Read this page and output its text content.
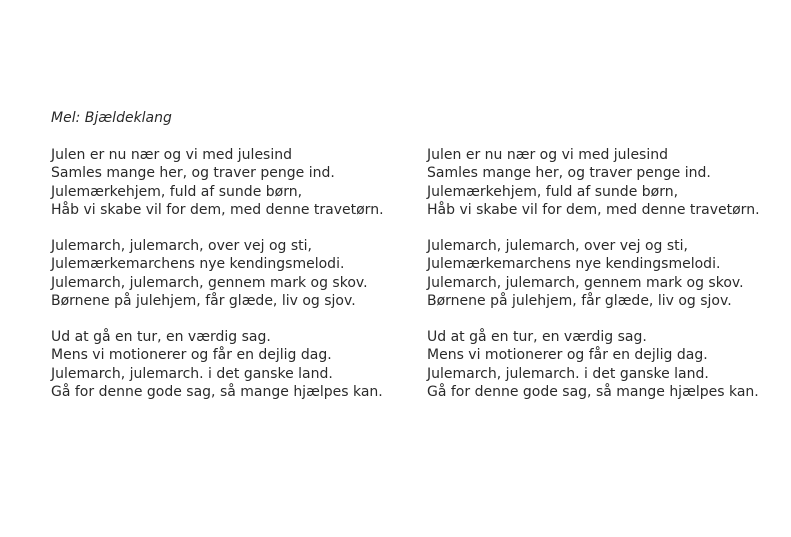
Mel: Bjældeklang

Julen er nu nær og vi med julesind
Samles mange her, og traver penge ind.
Julemærkehjem, fuld af sunde børn,
Håb vi skabe vil for dem, med denne travetørn.
Julemarch, julemarch, over vej og sti,
Julemærkemarchens nye kendingsmelodi.
Julemarch, julemarch, gennem mark og skov.
Børnene på julehjem, får glæde, liv og sjov.
Ud at gå en tur, en værdig sag.
Mens vi motionerer og får en dejlig dag.
Julemarch, julemarch. i det ganske land.
Gå for denne gode sag, så mange hjælpes kan.
Julen er nu nær og vi med julesind
Samles mange her, og traver penge ind.
Julemærkehjem, fuld af sunde børn,
Håb vi skabe vil for dem, med denne travetørn.
Julemarch, julemarch, over vej og sti,
Julemærkemarchens nye kendingsmelodi.
Julemarch, julemarch, gennem mark og skov.
Børnene på julehjem, får glæde, liv og sjov.
Ud at gå en tur, en værdig sag.
Mens vi motionerer og får en dejlig dag.
Julemarch, julemarch. i det ganske land.
Gå for denne gode sag, så mange hjælpes kan.
